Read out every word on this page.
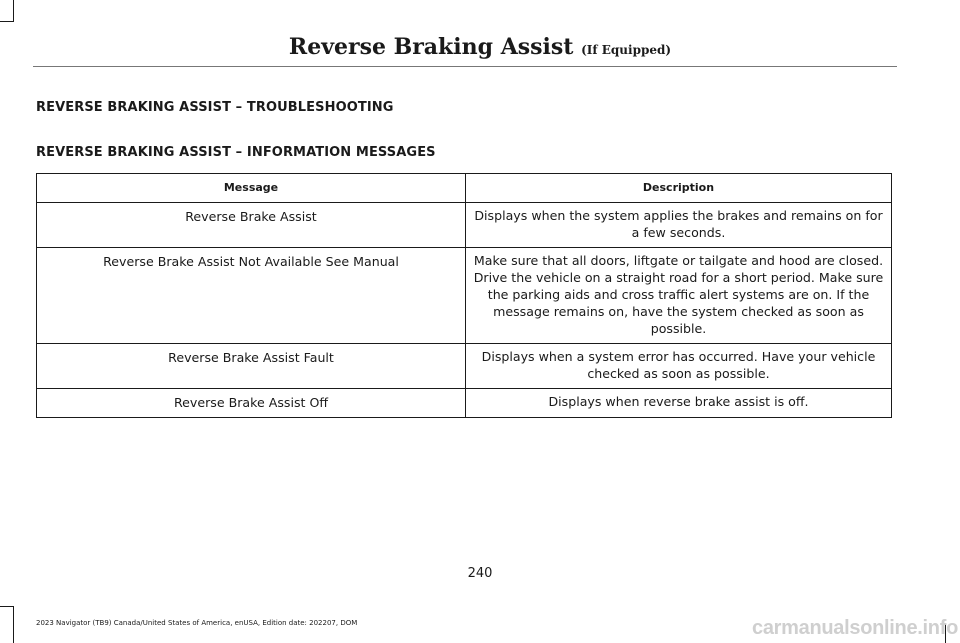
Reverse Braking Assist (If Equipped)
REVERSE BRAKING ASSIST – TROUBLESHOOTING
REVERSE BRAKING ASSIST – INFORMATION MESSAGES
Message	Description
Reverse Brake Assist	Displays when the system applies the brakes and remains on for a few seconds.
Reverse Brake Assist Not Available See Manual	Make sure that all doors, liftgate or tailgate and hood are closed. Drive the vehicle on a straight road for a short period. Make sure the parking aids and cross traffic alert systems are on. If the message remains on, have the system checked as soon as possible.
Reverse Brake Assist Fault	Displays when a system error has occurred. Have your vehicle checked as soon as possible.
Reverse Brake Assist Off	Displays when reverse brake assist is off.
240
2023 Navigator (TB9) Canada/United States of America, enUSA, Edition date: 202207, DOM	carmanualsonline.info
